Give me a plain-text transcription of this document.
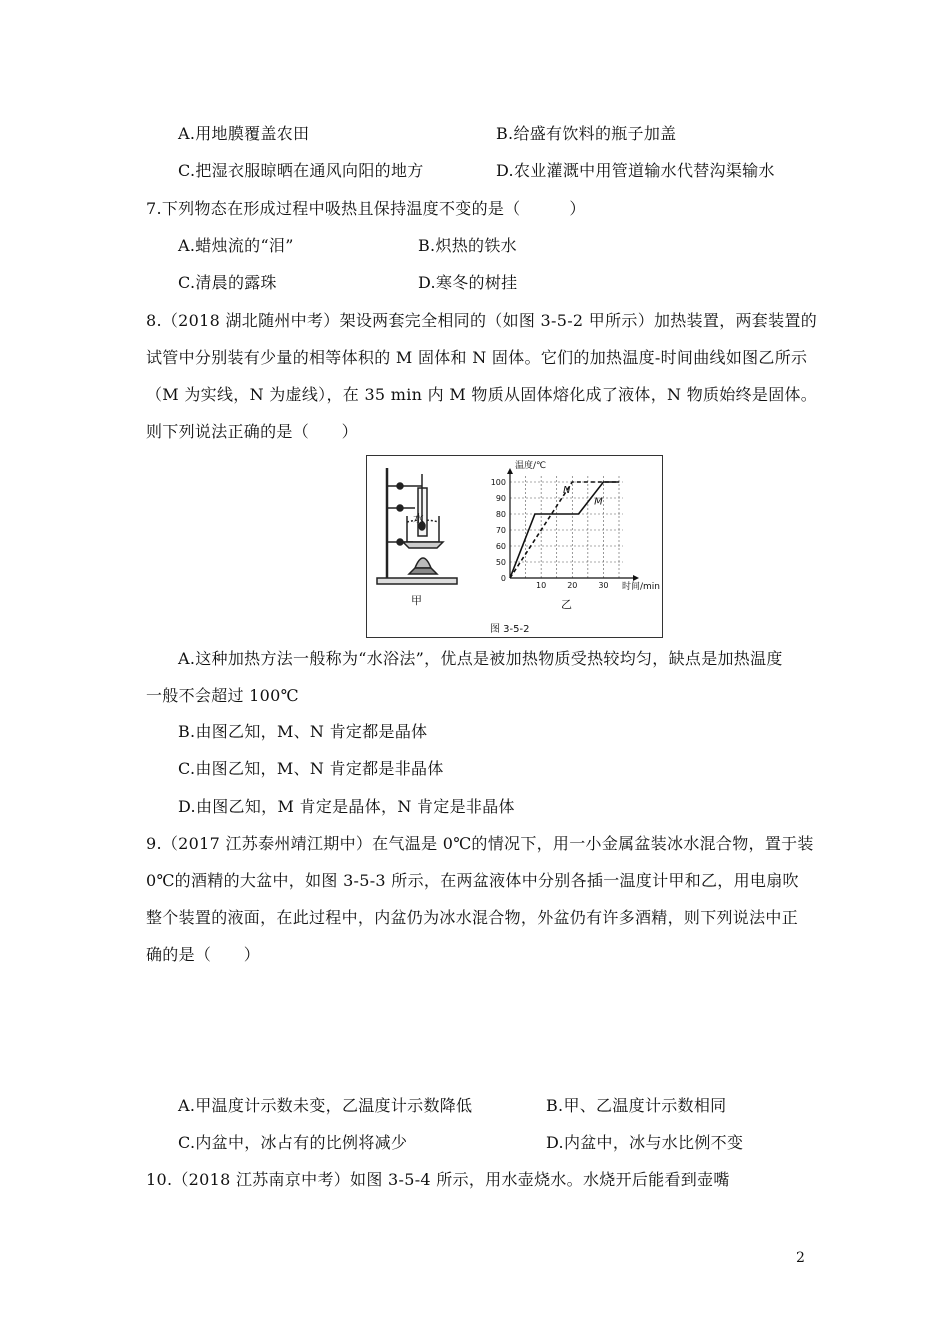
A.用地膜覆盖农田	B.给盛有饮料的瓶子加盖
C.把湿衣服晾晒在通风向阳的地方	D.农业灌溉中用管道输水代替沟渠输水
7.下列物态在形成过程中吸热且保持温度不变的是（　　　）
A.蜡烛流的“泪”	B.炽热的铁水
C.清晨的露珠	D.寒冬的树挂
8.（2018 湖北随州中考）架设两套完全相同的（如图 3-5-2 甲所示）加热装置，两套装置的
试管中分别装有少量的相等体积的 M 固体和 N 固体。它们的加热温度-时间曲线如图乙所示
（M 为实线，N 为虚线），在 35 min 内 M 物质从固体熔化成了液体，N 物质始终是固体。
则下列说法正确的是（　　）
水
甲
0
50
60
70
80
90
100
10	20	30
N
M
温度/℃
时间/min
乙
图 3-5-2
A.这种加热方法一般称为“水浴法”，优点是被加热物质受热较均匀，缺点是加热温度
一般不会超过 100℃
B.由图乙知，M、N 肯定都是晶体
C.由图乙知，M、N 肯定都是非晶体
D.由图乙知，M 肯定是晶体，N 肯定是非晶体
9.（2017 江苏泰州靖江期中）在气温是 0℃的情况下，用一小金属盆装冰水混合物，置于装
0℃的酒精的大盆中，如图 3-5-3 所示，在两盆液体中分别各插一温度计甲和乙，用电扇吹
整个装置的液面，在此过程中，内盆仍为冰水混合物，外盆仍有许多酒精，则下列说法中正
确的是（　　）
A.甲温度计示数未变，乙温度计示数降低	B.甲、乙温度计示数相同
C.内盆中，冰占有的比例将减少	D.内盆中，冰与水比例不变
10.（2018 江苏南京中考）如图 3-5-4 所示，用水壶烧水。水烧开后能看到壶嘴
2
